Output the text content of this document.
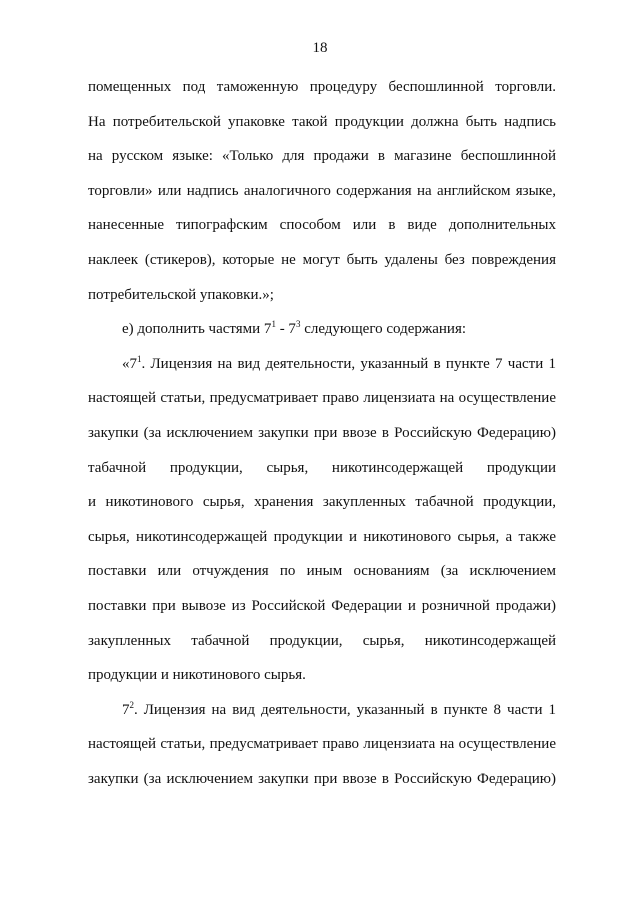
18
помещенных под таможенную процедуру беспошлинной торговли.
На потребительской упаковке такой продукции должна быть надпись
на русском языке: «Только для продажи в магазине беспошлинной
торговли» или надпись аналогичного содержания на английском языке,
нанесенные типографским способом или в виде дополнительных
наклеек (стикеров), которые не могут быть удалены без повреждения
потребительской упаковки.»;
е) дополнить частями $7^1 - 7^3$ следующего содержания:
«$7^1$. Лицензия на вид деятельности, указанный в пункте 7 части 1
настоящей статьи, предусматривает право лицензиата на осуществление
закупки (за исключением закупки при ввозе в Российскую Федерацию)
табачной продукции, сырья, никотинсодержащей продукции
и никотинового сырья, хранения закупленных табачной продукции,
сырья, никотинсодержащей продукции и никотинового сырья, а также
поставки или отчуждения по иным основаниям (за исключением
поставки при вывозе из Российской Федерации и розничной продажи)
закупленных табачной продукции, сырья, никотинсодержащей
продукции и никотинового сырья.
$7^2$. Лицензия на вид деятельности, указанный в пункте 8 части 1
настоящей статьи, предусматривает право лицензиата на осуществление
закупки (за исключением закупки при ввозе в Российскую Федерацию)
